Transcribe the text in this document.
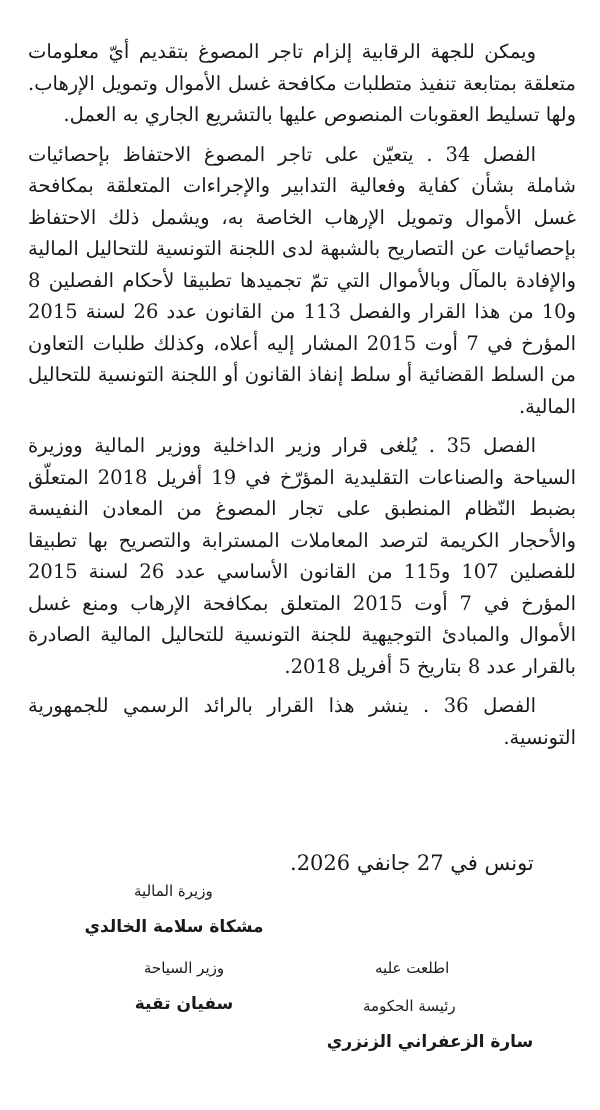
ويمكن للجهة الرقابية إلزام تاجر المصوغ بتقديم أيّ معلومات متعلقة بمتابعة تنفيذ متطلبات مكافحة غسل الأموال وتمويل الإرهاب. ولها تسليط العقوبات المنصوص عليها بالتشريع الجاري به العمل.

الفصل 34 . يتعيّن على تاجر المصوغ الاحتفاظ بإحصائيات شاملة بشأن كفاية وفعالية التدابير والإجراءات المتعلقة بمكافحة غسل الأموال وتمويل الإرهاب الخاصة به، ويشمل ذلك الاحتفاظ بإحصائيات عن التصاريح بالشبهة لدى اللجنة التونسية للتحاليل المالية والإفادة بالمآل وبالأموال التي تمّ تجميدها تطبيقا لأحكام الفصلين 8 و10 من هذا القرار والفصل 113 من القانون عدد 26 لسنة 2015 المؤرخ في 7 أوت 2015 المشار إليه أعلاه، وكذلك طلبات التعاون من السلط القضائية أو سلط إنفاذ القانون أو اللجنة التونسية للتحاليل المالية.

الفصل 35 . يُلغى قرار وزير الداخلية ووزير المالية ووزيرة السياحة والصناعات التقليدية المؤرّخ في 19 أفريل 2018 المتعلّق بضبط النّظام المنطبق على تجار المصوغ من المعادن النفيسة والأحجار الكريمة لترصد المعاملات المسترابة والتصريح بها تطبيقا للفصلين 107 و115 من القانون الأساسي عدد 26 لسنة 2015 المؤرخ في 7 أوت 2015 المتعلق بمكافحة الإرهاب ومنع غسل الأموال والمبادئ التوجيهية للجنة التونسية للتحاليل المالية الصادرة بالقرار عدد 8 بتاريخ 5 أفريل 2018.

الفصل 36 . ينشر هذا القرار بالرائد الرسمي للجمهورية التونسية.

تونس في 27 جانفي 2026.
وزيرة المالية
مشكاة سلامة الخالدي
وزير السياحة
سفيان تقية
اطلعت عليه
رئيسة الحكومة
سارة الزعفراني الزنزري
